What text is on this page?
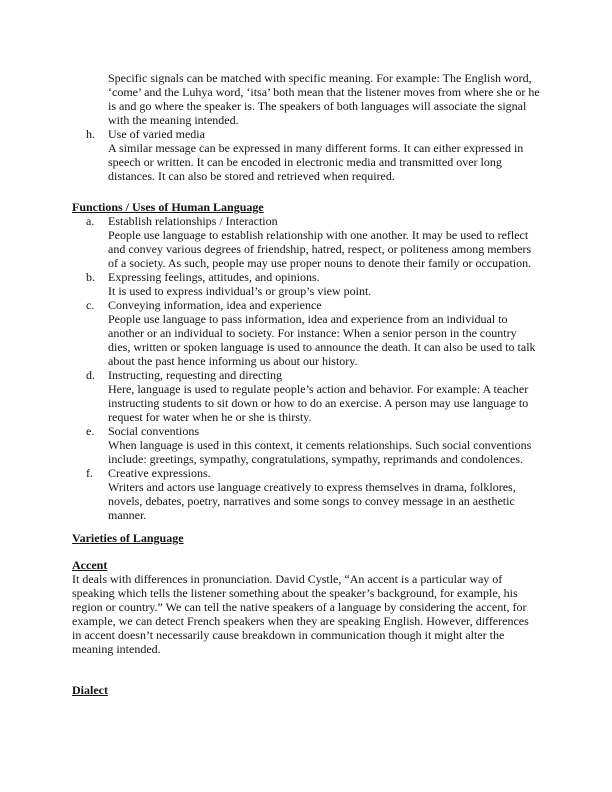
Specific signals can be matched with specific meaning. For example: The English word, ‘come’ and the Luhya word, ‘itsa’ both mean that the listener moves from where she or he is and go where the speaker is. The speakers of both languages will associate the signal with the meaning intended.

h. Use of varied media

A similar message can be expressed in many different forms. It can either expressed in speech or written. It can be encoded in electronic media and transmitted over long distances. It can also be stored and retrieved when required.

Functions / Uses of Human Language
a. Establish relationships / Interaction

People use language to establish relationship with one another. It may be used to reflect and convey various degrees of friendship, hatred, respect, or politeness among members of a society. As such, people may use proper nouns to denote their family or occupation.

b. Expressing feelings, attitudes, and opinions.

It is used to express individual’s or group’s view point.

c. Conveying information, idea and experience

People use language to pass information, idea and experience from an individual to another or an individual to society. For instance: When a senior person in the country dies, written or spoken language is used to announce the death. It can also be used to talk about the past hence informing us about our history.

d. Instructing, requesting and directing

Here, language is used to regulate people’s action and behavior. For example: A teacher instructing students to sit down or how to do an exercise. A person may use language to request for water when he or she is thirsty.

e. Social conventions

When language is used in this context, it cements relationships. Such social conventions include: greetings, sympathy, congratulations, sympathy, reprimands and condolences.

f. Creative expressions.

Writers and actors use language creatively to express themselves in drama, folklores, novels, debates, poetry, narratives and some songs to convey message in an aesthetic manner.

Varieties of Language
Accent

It deals with differences in pronunciation. David Cystle, “An accent is a particular way of speaking which tells the listener something about the speaker’s background, for example, his region or country.” We can tell the native speakers of a language by considering the accent, for example, we can detect French speakers when they are speaking English. However, differences in accent doesn’t necessarily cause breakdown in communication though it might alter the meaning intended.

Dialect
